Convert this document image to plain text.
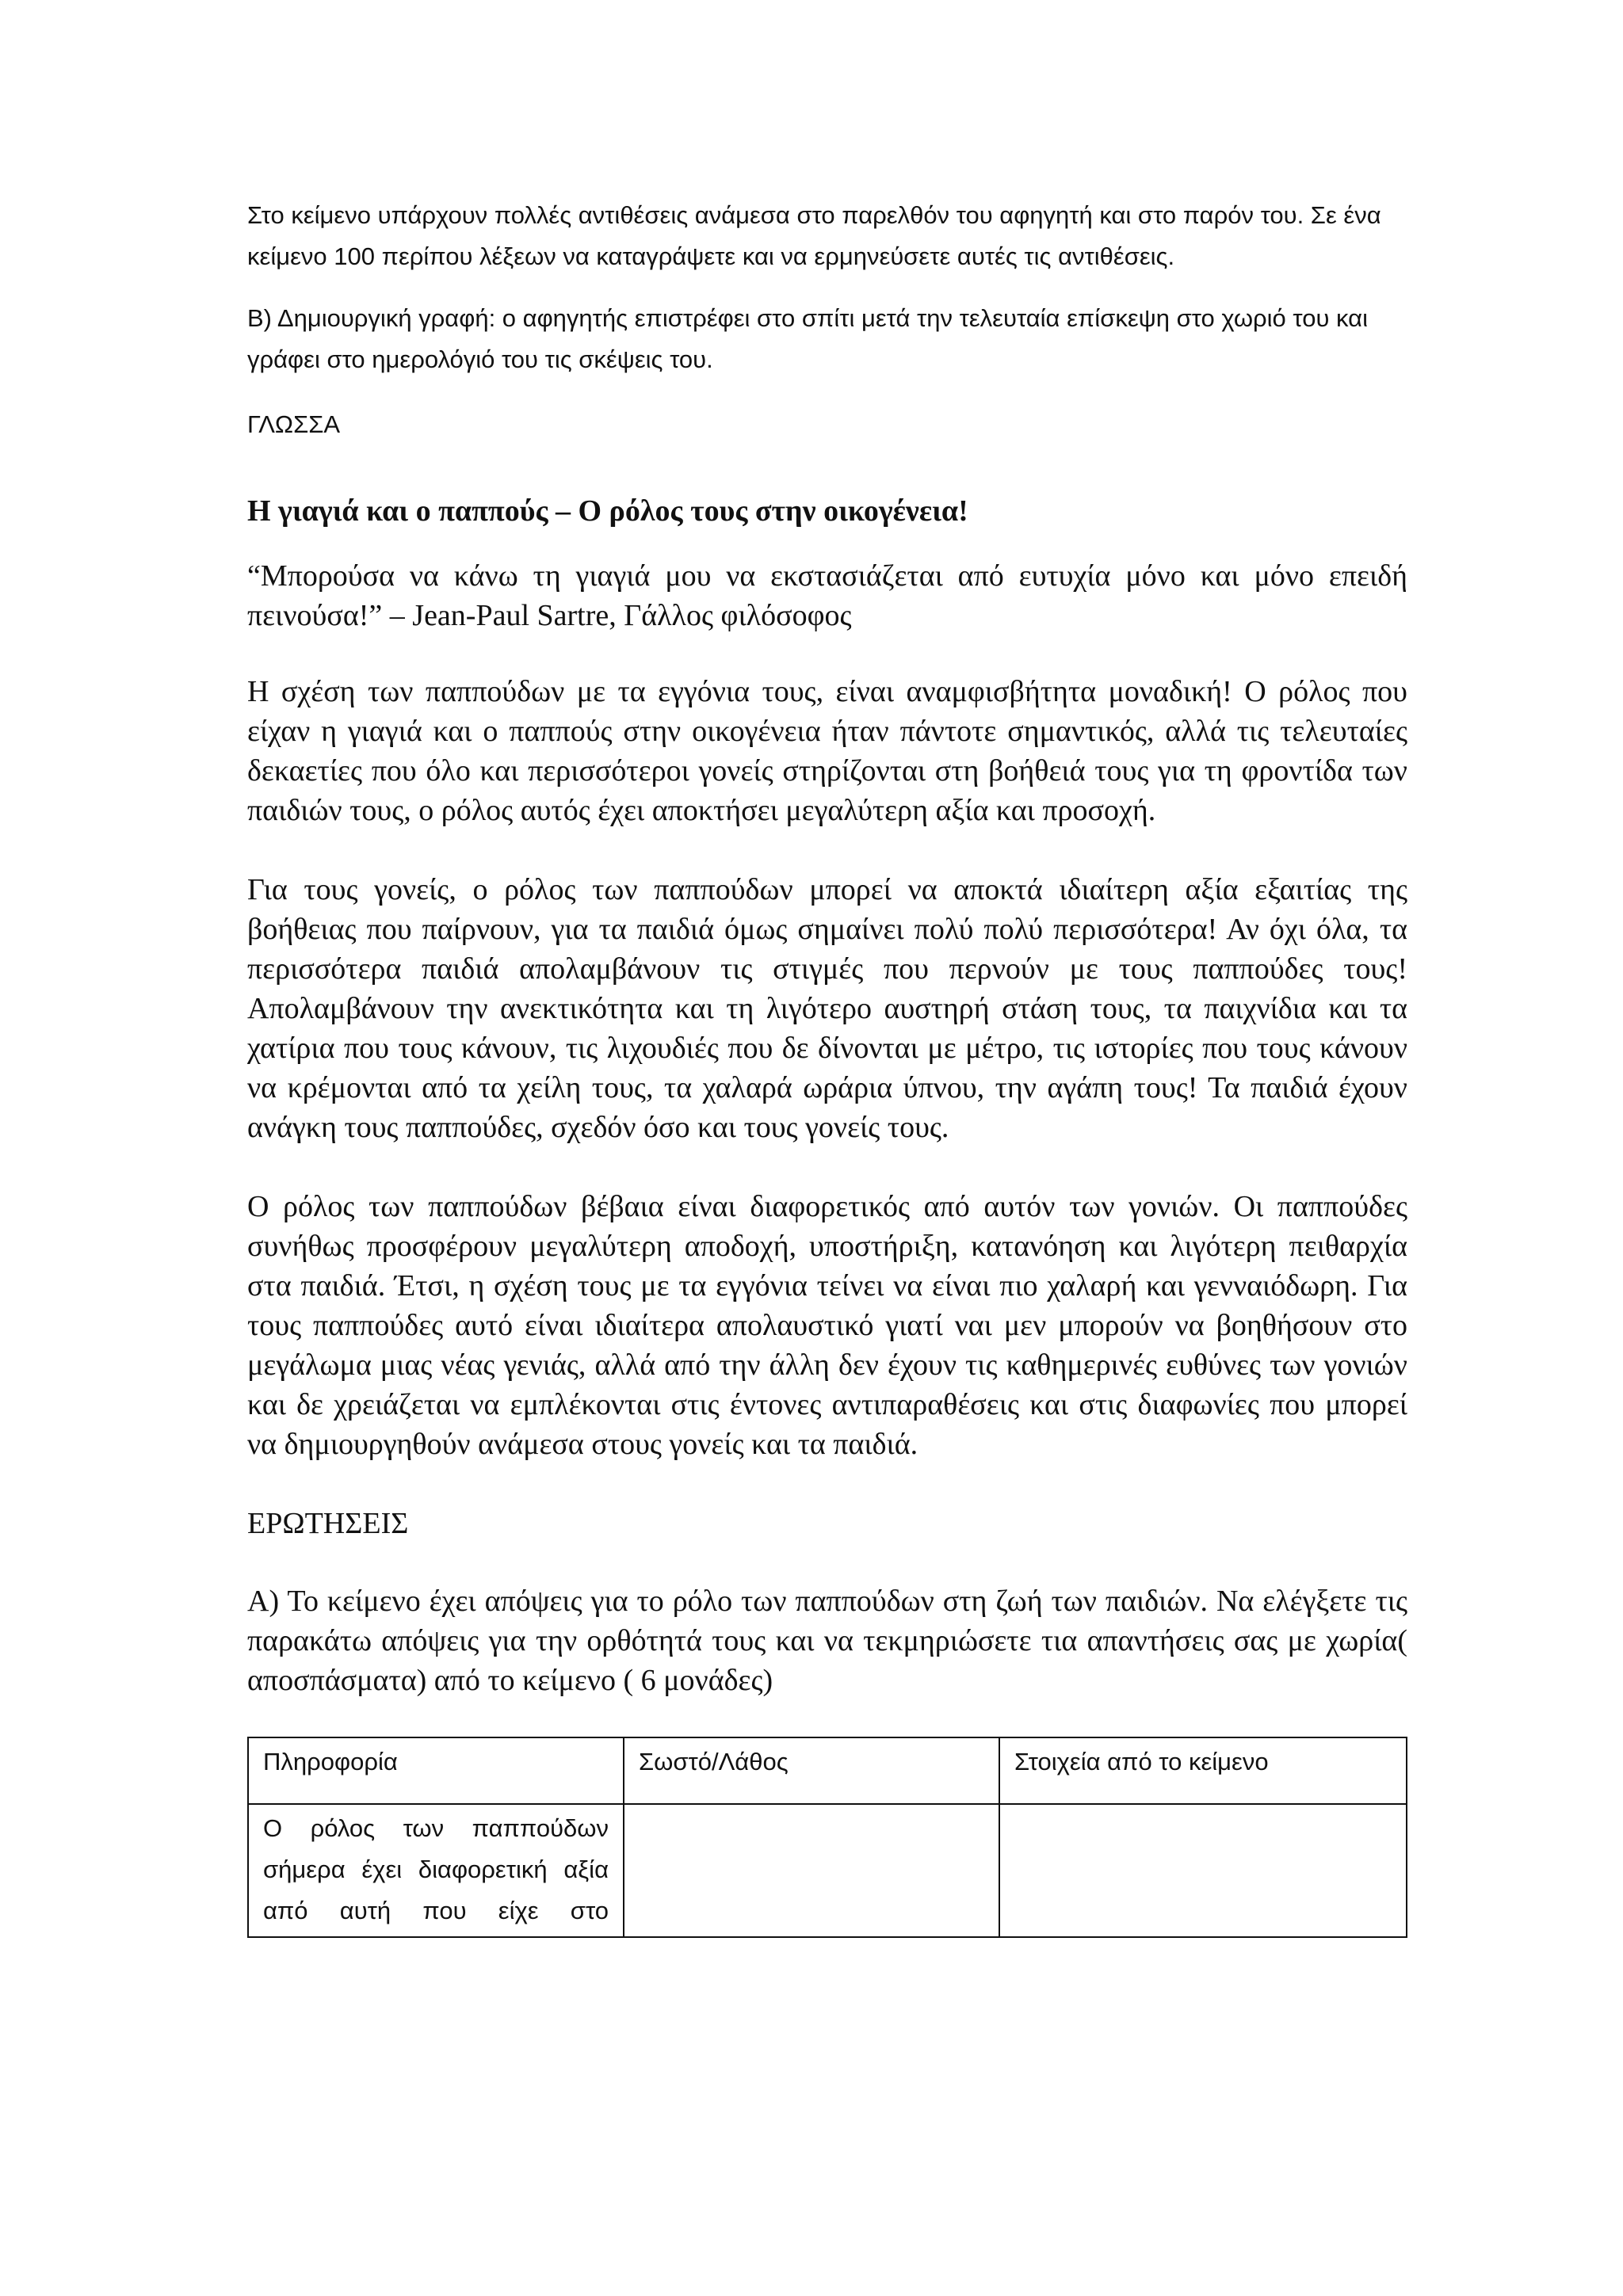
Στο κείμενο υπάρχουν πολλές αντιθέσεις ανάμεσα στο παρελθόν του αφηγητή και στο παρόν του. Σε ένα κείμενο 100 περίπου λέξεων να καταγράψετε και να ερμηνεύσετε αυτές τις αντιθέσεις.

Β) Δημιουργική γραφή: ο αφηγητής επιστρέφει στο σπίτι μετά την τελευταία επίσκεψη στο χωριό του και γράφει στο ημερολόγιό του τις σκέψεις του.

ΓΛΩΣΣΑ

Η γιαγιά και ο παππούς – Ο ρόλος τους στην οικογένεια!

“Μπορούσα να κάνω τη γιαγιά μου να εκστασιάζεται από ευτυχία μόνο και μόνο επειδή πεινούσα!” – Jean-Paul Sartre, Γάλλος φιλόσοφος

Η σχέση των παππούδων με τα εγγόνια τους, είναι αναμφισβήτητα μοναδική! Ο ρόλος που είχαν η γιαγιά και ο παππούς στην οικογένεια ήταν πάντοτε σημαντικός, αλλά τις τελευταίες δεκαετίες που όλο και περισσότεροι γονείς στηρίζονται στη βοήθειά τους για τη φροντίδα των παιδιών τους, ο ρόλος αυτός έχει αποκτήσει μεγαλύτερη αξία και προσοχή.

Για τους γονείς, ο ρόλος των παππούδων μπορεί να αποκτά ιδιαίτερη αξία εξαιτίας της βοήθειας που παίρνουν, για τα παιδιά όμως σημαίνει πολύ πολύ περισσότερα! Αν όχι όλα, τα περισσότερα παιδιά απολαμβάνουν τις στιγμές που περνούν με τους παππούδες τους! Απολαμβάνουν την ανεκτικότητα και τη λιγότερο αυστηρή στάση τους, τα παιχνίδια και τα χατίρια που τους κάνουν, τις λιχουδιές που δε δίνονται με μέτρο, τις ιστορίες που τους κάνουν να κρέμονται από τα χείλη τους, τα χαλαρά ωράρια ύπνου, την αγάπη τους! Τα παιδιά έχουν ανάγκη τους παππούδες, σχεδόν όσο και τους γονείς τους.

Ο ρόλος των παππούδων βέβαια είναι διαφορετικός από αυτόν των γονιών. Οι παππούδες συνήθως προσφέρουν μεγαλύτερη αποδοχή, υποστήριξη, κατανόηση και λιγότερη πειθαρχία στα παιδιά. Έτσι, η σχέση τους με τα εγγόνια τείνει να είναι πιο χαλαρή και γενναιόδωρη. Για τους παππούδες αυτό είναι ιδιαίτερα απολαυστικό γιατί ναι μεν μπορούν να βοηθήσουν στο μεγάλωμα μιας νέας γενιάς, αλλά από την άλλη δεν έχουν τις καθημερινές ευθύνες των γονιών και δε χρειάζεται να εμπλέκονται στις έντονες αντιπαραθέσεις και στις διαφωνίες που μπορεί να δημιουργηθούν ανάμεσα στους γονείς και τα παιδιά.

ΕΡΩΤΗΣΕΙΣ

Α) Το κείμενο έχει απόψεις για το ρόλο των παππούδων στη ζωή των παιδιών. Να ελέγξετε τις παρακάτω απόψεις για την ορθότητά τους και να τεκμηριώσετε τια απαντήσεις σας με χωρία( αποσπάσματα) από το κείμενο ( 6 μονάδες)

Πληροφορία	Σωστό/Λάθος	Στοιχεία από το κείμενο

Ο ρόλος των παππούδων σήμερα έχει διαφορετική αξία από αυτή που είχε στο		
